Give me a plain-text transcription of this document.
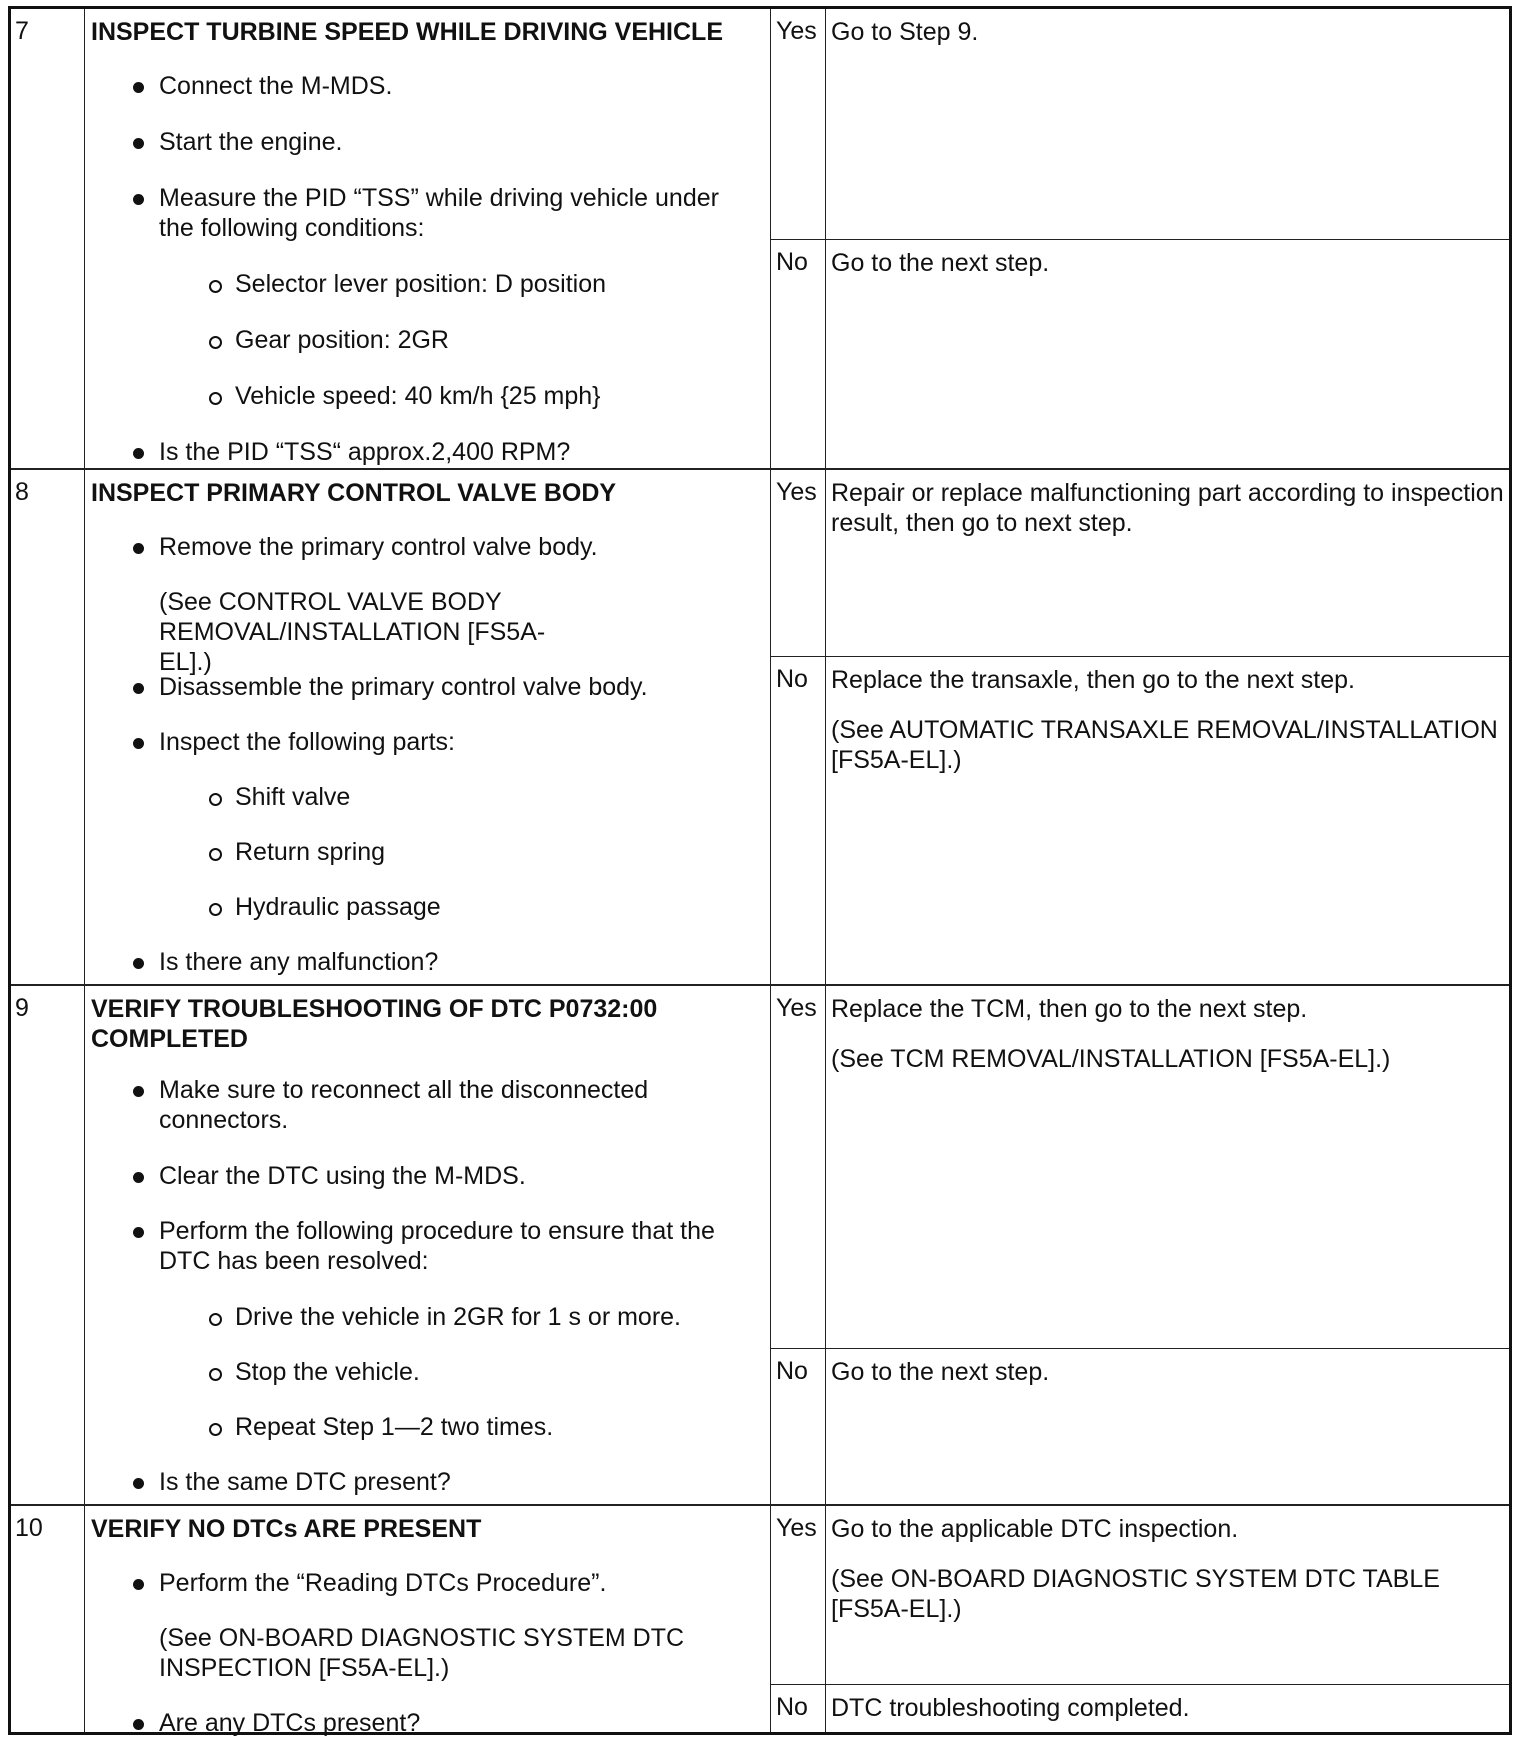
7 INSPECT TURBINE SPEED WHILE DRIVING VEHICLE
Connect the M-MDS.
Start the engine.
Measure the PID “TSS” while driving vehicle under the following conditions:
Selector lever position: D position
Gear position: 2GR
Vehicle speed: 40 km/h {25 mph}
Is the PID “TSS“ approx.2,400 RPM?
Yes Go to Step 9.

No Go to the next step.

8 INSPECT PRIMARY CONTROL VALVE BODY
Remove the primary control valve body.
(See CONTROL VALVE BODY REMOVAL/INSTALLATION [FS5A-EL].)
Disassemble the primary control valve body.
Inspect the following parts:
Shift valve
Return spring
Hydraulic passage
Is there any malfunction?
Yes Repair or replace malfunctioning part according to inspection result, then go to next step.

No Replace the transaxle, then go to the next step.

(See AUTOMATIC TRANSAXLE REMOVAL/INSTALLATION [FS5A-EL].)

9 VERIFY TROUBLESHOOTING OF DTC P0732:00 COMPLETED
Make sure to reconnect all the disconnected connectors.
Clear the DTC using the M-MDS.
Perform the following procedure to ensure that the DTC has been resolved:
Drive the vehicle in 2GR for 1 s or more.
Stop the vehicle.
Repeat Step 1—2 two times.
Is the same DTC present?
Yes Replace the TCM, then go to the next step.

(See TCM REMOVAL/INSTALLATION [FS5A-EL].)

No Go to the next step.

10 VERIFY NO DTCs ARE PRESENT
Perform the “Reading DTCs Procedure”.
(See ON-BOARD DIAGNOSTIC SYSTEM DTC INSPECTION [FS5A-EL].)
Are any DTCs present?
Yes Go to the applicable DTC inspection.

(See ON-BOARD DIAGNOSTIC SYSTEM DTC TABLE [FS5A-EL].)

No DTC troubleshooting completed.
